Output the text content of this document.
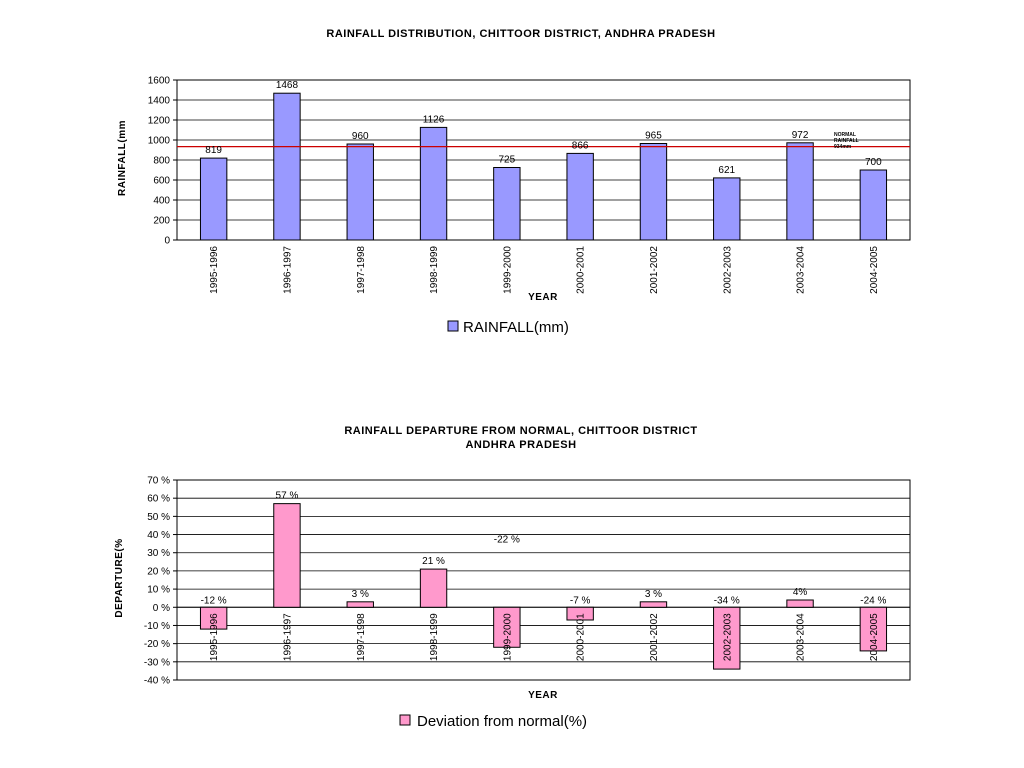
RAINFALL DISTRIBUTION, CHITTOOR DISTRICT, ANDHRA PRADESH
NORMAL
RAINFALL
934mm
0
200
400
600
800
1000
1200
1400
1600
1995-1996	1996-1997	1997-1998	1998-1999	1999-2000	2000-2001	2001-2002	2002-2003	2003-2004	2004-2005
819
1468
960
1126
725
866
965
621
972
700
RAINFALL(mm
YEAR
RAINFALL(mm)
RAINFALL DEPARTURE FROM NORMAL, CHITTOOR DISTRICT
ANDHRA PRADESH
-40 %
-30 %
-20 %
-10 %
0 %
10 %
20 %
30 %
40 %
50 %
60 %
70 %
1995-1996	1996-1997	1997-1998	1998-1999	1999-2000	2000-2001	2001-2002	2002-2003	2003-2004	2004-2005
-12 %
57 %
3 %
21 %
-22 %
-7 %
3 %
-34 %
4%
-24 %
DEPARTURE(%
YEAR
Deviation from normal(%)
